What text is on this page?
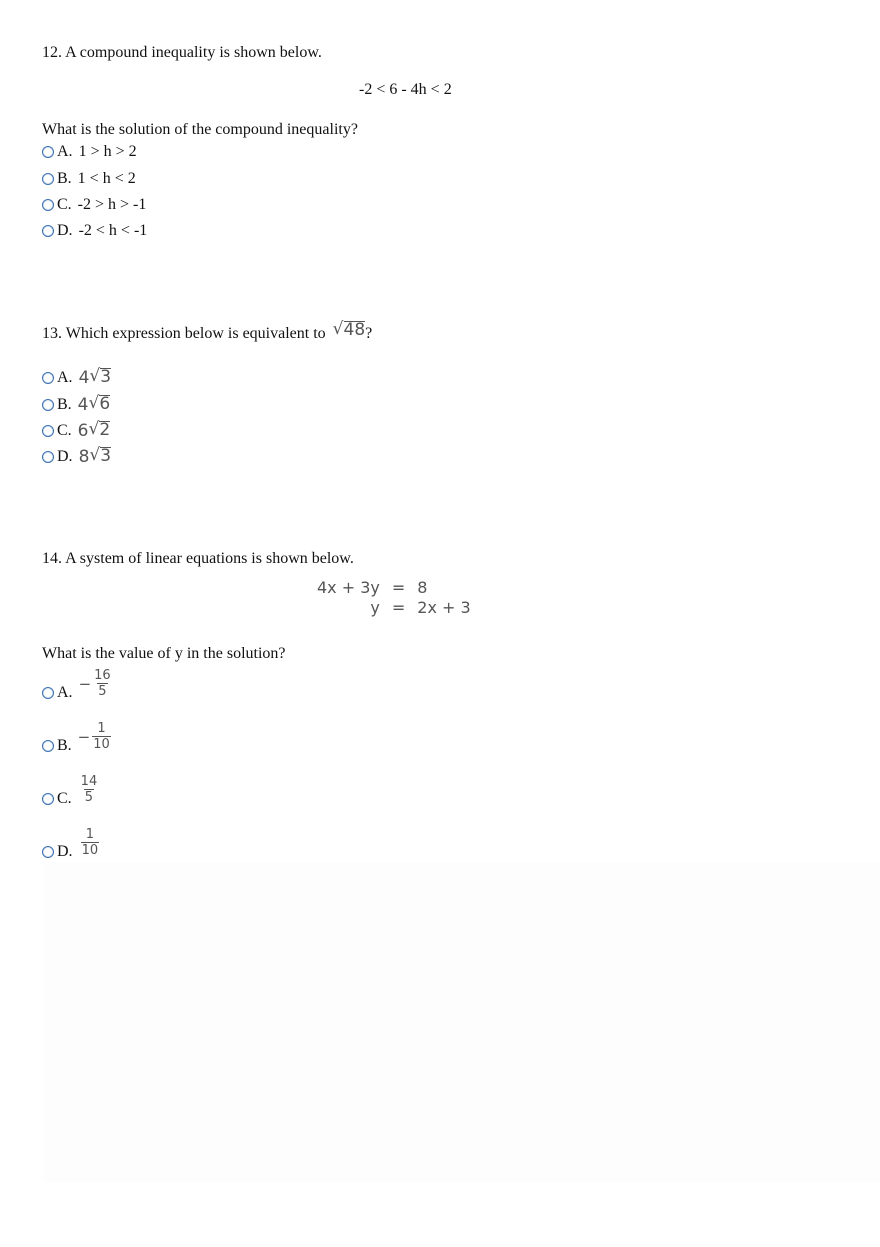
12. A compound inequality is shown below.
-2 < 6 - 4h < 2
What is the solution of the compound inequality?
A. 1 > h > 2
B. 1 < h < 2
C. -2 > h > -1
D. -2 < h < -1
13. Which expression below is equivalent to √ 48 ?
A. 4 √ 3
B. 4 √ 6
C. 6 √ 2
D. 8 √ 3
14. A system of linear equations is shown below.
4x + 3y	=	8
y	=	2x + 3
What is the value of y in the solution?
A. − $\frac{16}{5}$
B. − $\frac{1}{10}$
C. $\frac{14}{5}$
D. $\frac{1}{10}$
